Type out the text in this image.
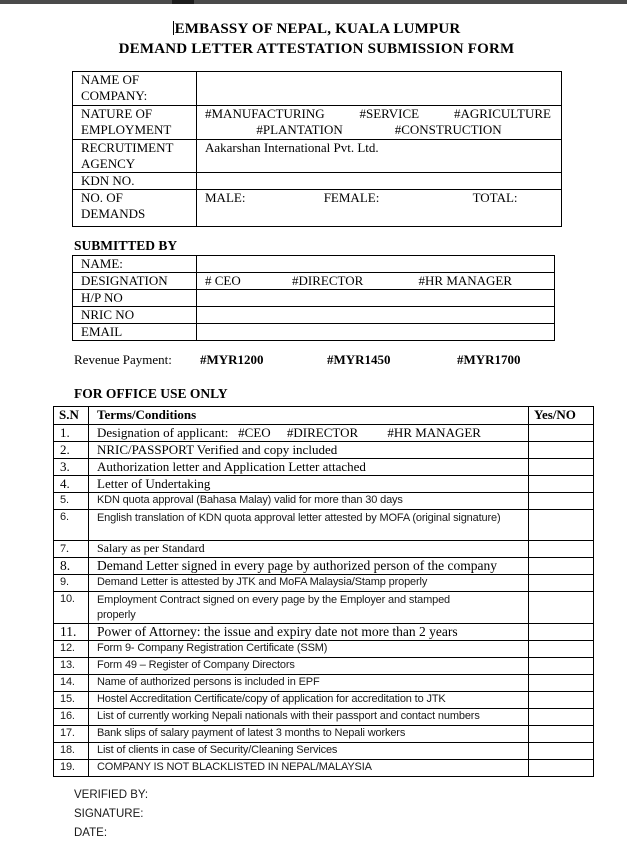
EMBASSY OF NEPAL, KUALA LUMPUR
DEMAND LETTER ATTESTATION SUBMISSION FORM
NAME OF COMPANY:	
NATURE OF EMPLOYMENT	#MANUFACTURING #SERVICE #AGRICULTURE
#PLANTATION #CONSTRUCTION

RECRUTIMENT AGENCY	Aakarshan International Pvt. Ltd.
KDN NO.	
NO. OF DEMANDS	MALE: FEMALE: TOTAL:
SUBMITTED BY
NAME:	
DESIGNATION	# CEO #DIRECTOR #HR MANAGER
H/P NO	
NRIC NO	
EMAIL	
Revenue Payment: #MYR1200	#MYR1450	#MYR1700
FOR OFFICE USE ONLY
S.N	Terms/Conditions	Yes/NO
1.	Designation of applicant:   #CEO     #DIRECTOR         #HR MANAGER	
2.	NRIC/PASSPORT Verified and copy included	
3.	Authorization letter and Application Letter attached	
4.	Letter of Undertaking	
5.	KDN quota approval (Bahasa Malay) valid for more than 30 days	
6.	English translation of KDN quota approval letter attested by MOFA (original signature)	
7.	Salary as per Standard	
8.	Demand Letter signed in every page by authorized person of the company	
9.	Demand Letter is attested by JTK and MoFA Malaysia/Stamp properly	
10.	Employment Contract signed on every page by the Employer and stamped properly	
11.	Power of Attorney: the issue and expiry date not more than 2 years	
12.	Form 9- Company Registration Certificate (SSM)	
13.	Form 49 – Register of Company Directors	
14.	Name of authorized persons is included in EPF	
15.	Hostel Accreditation Certificate/copy of application for accreditation to JTK	
16.	List of currently working Nepali nationals with their passport and contact numbers	
17.	Bank slips of salary payment of latest 3 months to Nepali workers	
18.	List of clients in case of Security/Cleaning Services	
19.	COMPANY IS NOT BLACKLISTED IN NEPAL/MALAYSIA	
VERIFIED BY:
SIGNATURE:
DATE:
